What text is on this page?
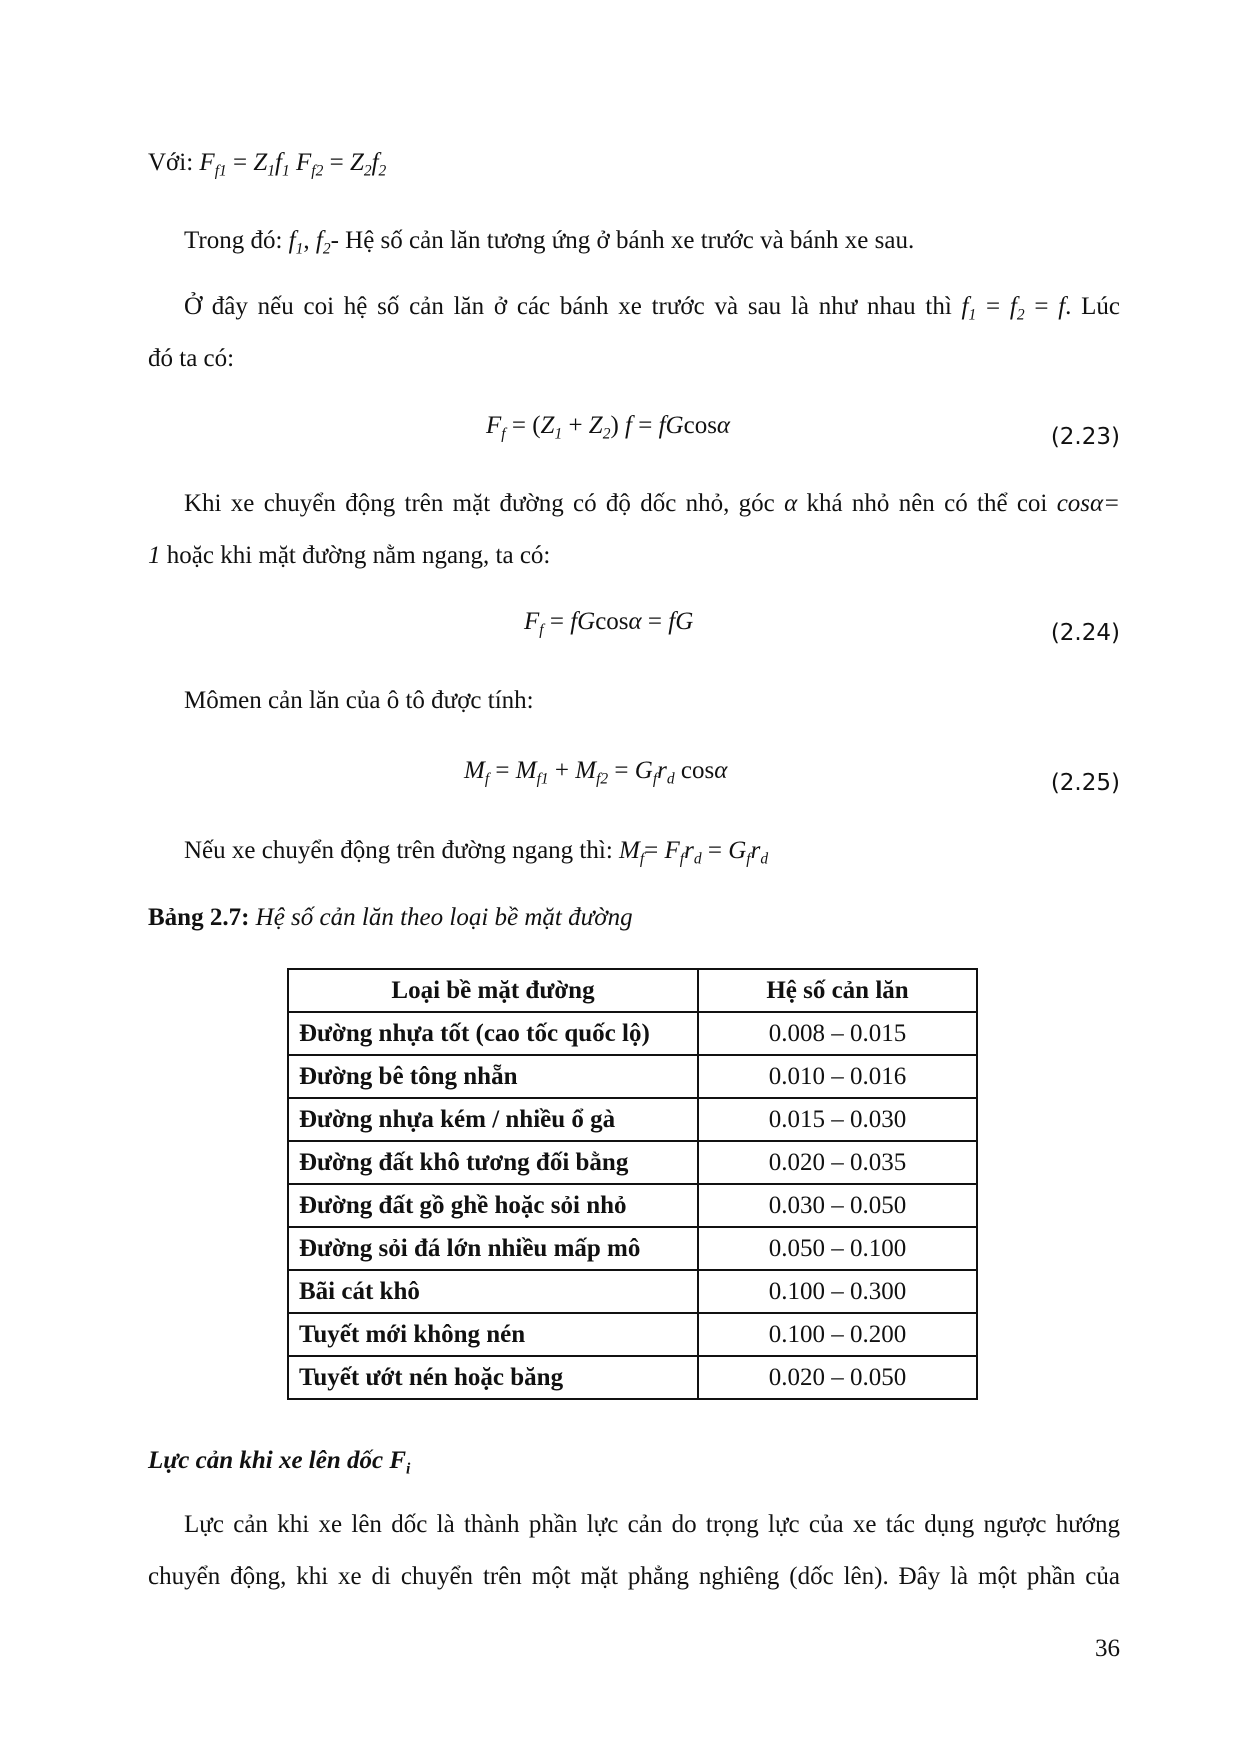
Với: $F_{f1} = Z_1f_1$ $F_{f2} = Z_2f_2$
Trong đó: $f_1$, $f_2-$ Hệ số cản lăn tương ứng ở bánh xe trước và bánh xe sau.
Ở đây nếu coi hệ số cản lăn ở các bánh xe trước và sau là như nhau thì $f_1 = f_2 = f$. Lúc
đó ta có:
$F_f = (Z_1 + Z_2) f = fGcos\alpha$	(2.23)
Khi xe chuyển động trên mặt đường có độ dốc nhỏ, góc α khá nhỏ nên có thể coi cosα=
1 hoặc khi mặt đường nằm ngang, ta có:
$F_f = fGcos\alpha$ = fG	(2.24)
Mômen cản lăn của ô tô được tính:
$M_f = M_{f1} + M_{f2} = G_fr_d$ cosα	(2.25)
Nếu xe chuyển động trên đường ngang thì: $M_f= F_fr_d = G_fr_d$
Bảng 2.7: Hệ số cản lăn theo loại bề mặt đường
Loại bề mặt đường	Hệ số cản lăn
Đường nhựa tốt (cao tốc quốc lộ)	0.008 – 0.015
Đường bê tông nhẵn	0.010 – 0.016
Đường nhựa kém / nhiều ổ gà	0.015 – 0.030
Đường đất khô tương đối bằng	0.020 – 0.035
Đường đất gồ ghề hoặc sỏi nhỏ	0.030 – 0.050
Đường sỏi đá lớn nhiều mấp mô	0.050 – 0.100
Bãi cát khô	0.100 – 0.300
Tuyết mới không nén	0.100 – 0.200
Tuyết ướt nén hoặc băng	0.020 – 0.050
Lực cản khi xe lên dốc $F_i$
Lực cản khi xe lên dốc là thành phần lực cản do trọng lực của xe tác dụng ngược hướng
chuyển động, khi xe di chuyển trên một mặt phẳng nghiêng (dốc lên). Đây là một phần của
36
